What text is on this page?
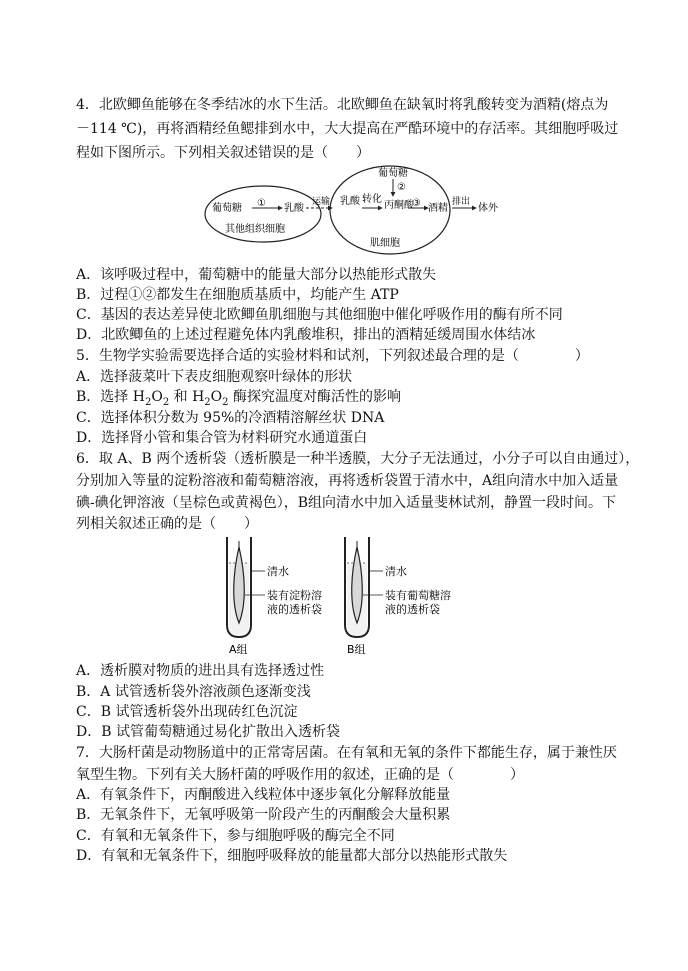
4．北欧鲫鱼能够在冬季结冰的水下生活。北欧鲫鱼在缺氧时将乳酸转变为酒精(熔点为
－114 ℃)，再将酒精经鱼鳃排到水中，大大提高在严酷环境中的存活率。其细胞呼吸过
程如下图所示。下列相关叙述错误的是（　　）
葡萄糖 ① 乳酸
其他组织细胞
运输 乳酸 转化
葡萄糖
②
丙酮酸
③ 酒精
肌细胞
排出
体外
A．该呼吸过程中，葡萄糖中的能量大部分以热能形式散失
B．过程①②都发生在细胞质基质中，均能产生 ATP
C．基因的表达差异使北欧鲫鱼肌细胞与其他细胞中催化呼吸作用的酶有所不同
D．北欧鲫鱼的上述过程避免体内乳酸堆积，排出的酒精延缓周围水体结冰
5．生物学实验需要选择合适的实验材料和试剂，下列叙述最合理的是（　　　　）
A．选择菠菜叶下表皮细胞观察叶绿体的形状
B．选择 $H_2O_2$ 和 $H_2O_2$ 酶探究温度对酶活性的影响
C．选择体积分数为 95%的冷酒精溶解丝状 DNA
D．选择肾小管和集合管为材料研究水通道蛋白
6．取 A、B 两个透析袋（透析膜是一种半透膜，大分子无法通过，小分子可以自由通过），
分别加入等量的淀粉溶液和葡萄糖溶液，再将透析袋置于清水中，A组向清水中加入适量
碘-碘化钾溶液（呈棕色或黄褐色），B组向清水中加入适量斐林试剂，静置一段时间。下
列相关叙述正确的是（　　）
清水
装有淀粉溶
液的透析袋
A组
清水
装有葡萄糖溶
液的透析袋
B组
A．透析膜对物质的进出具有选择透过性
B．A 试管透析袋外溶液颜色逐渐变浅
C．B 试管透析袋外出现砖红色沉淀
D．B 试管葡萄糖通过易化扩散出入透析袋
7．大肠杆菌是动物肠道中的正常寄居菌。在有氧和无氧的条件下都能生存，属于兼性厌
氧型生物。下列有关大肠杆菌的呼吸作用的叙述，正确的是（　　　　）
A．有氧条件下，丙酮酸进入线粒体中逐步氧化分解释放能量
B．无氧条件下，无氧呼吸第一阶段产生的丙酮酸会大量积累
C．有氧和无氧条件下，参与细胞呼吸的酶完全不同
D．有氧和无氧条件下，细胞呼吸释放的能量都大部分以热能形式散失
